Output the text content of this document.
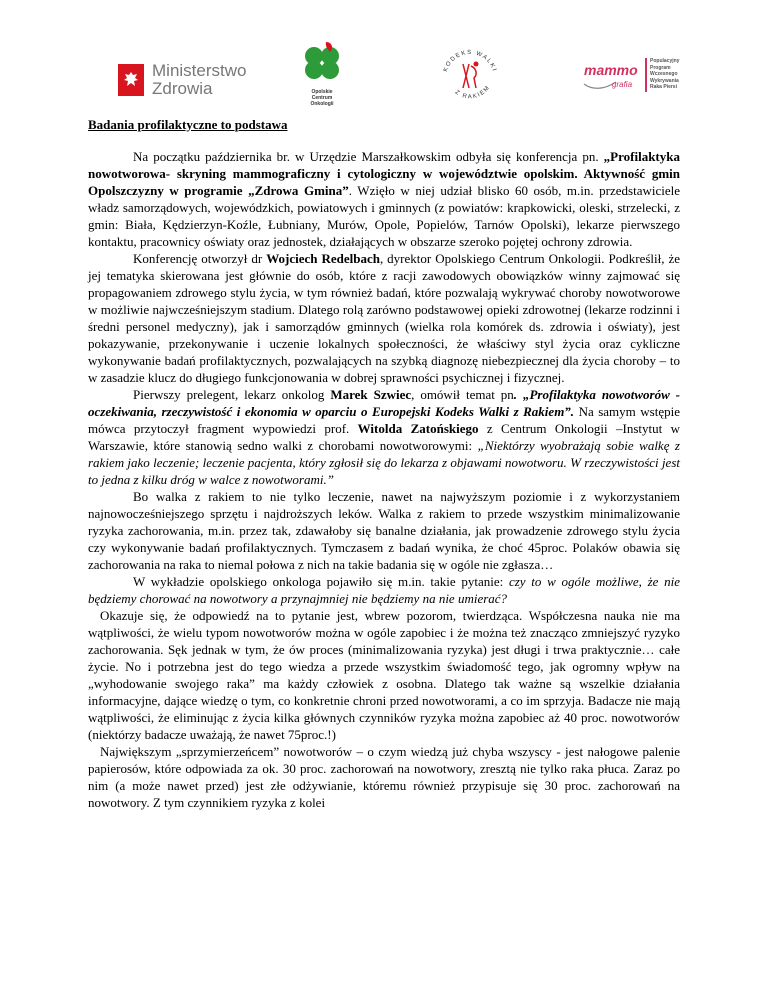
Ministerstwo
Zdrowia	Opolskie
Centrum
Onkologii
KODEKS WALKI
Z RAKIEM
mammo
grafia
Populacyjny
Program
Wczesnego
Wykrywania
Raka Piersi
Badania profilaktyczne to podstawa

Na początku października br. w Urzędzie Marszałkowskim odbyła się konferencja pn. „Profilaktyka nowotworowa- skryning mammograficzny i cytologiczny w województwie opolskim. Aktywność gmin Opolszczyzny w programie „Zdrowa Gmina”. Wzięło w niej udział blisko 60 osób, m.in. przedstawiciele władz samorządowych, wojewódzkich, powiatowych i gminnych (z powiatów: krapkowicki, oleski, strzelecki, z gmin: Biała, Kędzierzyn-Koźle, Łubniany, Murów, Opole, Popielów, Tarnów Opolski), lekarze pierwszego kontaktu, pracownicy oświaty oraz jednostek, działających w obszarze szeroko pojętej ochrony zdrowia.

Konferencję otworzył dr Wojciech Redelbach, dyrektor Opolskiego Centrum Onkologii. Podkreślił, że jej tematyka skierowana jest głównie do osób, które z racji zawodowych obowiązków winny zajmować się propagowaniem zdrowego stylu życia, w tym również badań, które pozwalają wykrywać choroby nowotworowe w możliwie najwcześniejszym stadium. Dlatego rolą zarówno podstawowej opieki zdrowotnej (lekarze rodzinni i średni personel medyczny), jak i samorządów gminnych (wielka rola komórek ds. zdrowia i oświaty), jest pokazywanie, przekonywanie i uczenie lokalnych społeczności, że właściwy styl życia oraz cykliczne wykonywanie badań profilaktycznych, pozwalających na szybką diagnozę niebezpiecznej dla życia choroby – to w zasadzie klucz do długiego funkcjonowania w dobrej sprawności psychicznej i fizycznej.

Pierwszy prelegent, lekarz onkolog Marek Szwiec, omówił temat pn. „Profilaktyka nowotworów - oczekiwania, rzeczywistość i ekonomia w oparciu o Europejski Kodeks Walki z Rakiem”. Na samym wstępie mówca przytoczył fragment wypowiedzi prof. Witolda Zatońskiego z Centrum Onkologii –Instytut w Warszawie, które stanowią sedno walki z chorobami nowotworowymi: „Niektórzy wyobrażają sobie walkę z rakiem jako leczenie; leczenie pacjenta, który zgłosił się do lekarza z objawami nowotworu. W rzeczywistości jest to jedna z kilku dróg w walce z nowotworami.”

Bo walka z rakiem to nie tylko leczenie, nawet na najwyższym poziomie i z wykorzystaniem najnowocześniejszego sprzętu i najdroższych leków. Walka z rakiem to przede wszystkim minimalizowanie ryzyka zachorowania, m.in. przez tak, zdawałoby się banalne działania, jak prowadzenie zdrowego stylu życia czy wykonywanie badań profilaktycznych. Tymczasem z badań wynika, że choć 45proc. Polaków obawia się zachorowania na raka to niemal połowa z nich na takie badania się w ogóle nie zgłasza…

W wykładzie opolskiego onkologa pojawiło się m.in. takie pytanie: czy to w ogóle możliwe, że nie będziemy chorować na nowotwory a przynajmniej nie będziemy na nie umierać?

Okazuje się, że odpowiedź na to pytanie jest, wbrew pozorom, twierdząca. Współczesna nauka nie ma wątpliwości, że wielu typom nowotworów można w ogóle zapobiec i że można też znacząco zmniejszyć ryzyko zachorowania. Sęk jednak w tym, że ów proces (minimalizowania ryzyka) jest długi i trwa praktycznie… całe życie. No i potrzebna jest do tego wiedza a przede wszystkim świadomość tego, jak ogromny wpływ na „wyhodowanie swojego raka” ma każdy człowiek z osobna. Dlatego tak ważne są wszelkie działania informacyjne, dające wiedzę o tym, co konkretnie chroni przed nowotworami, a co im sprzyja. Badacze nie mają wątpliwości, że eliminując z życia kilka głównych czynników ryzyka można zapobiec aż 40 proc. nowotworów (niektórzy badacze uważają, że nawet 75proc.!)

Największym „sprzymierzeńcem” nowotworów – o czym wiedzą już chyba wszyscy - jest nałogowe palenie papierosów, które odpowiada za ok. 30 proc. zachorowań na nowotwory, zresztą nie tylko raka płuca. Zaraz po nim (a może nawet przed) jest złe odżywianie, któremu również przypisuje się 30 proc. zachorowań na nowotwory. Z tym czynnikiem ryzyka z kolei
